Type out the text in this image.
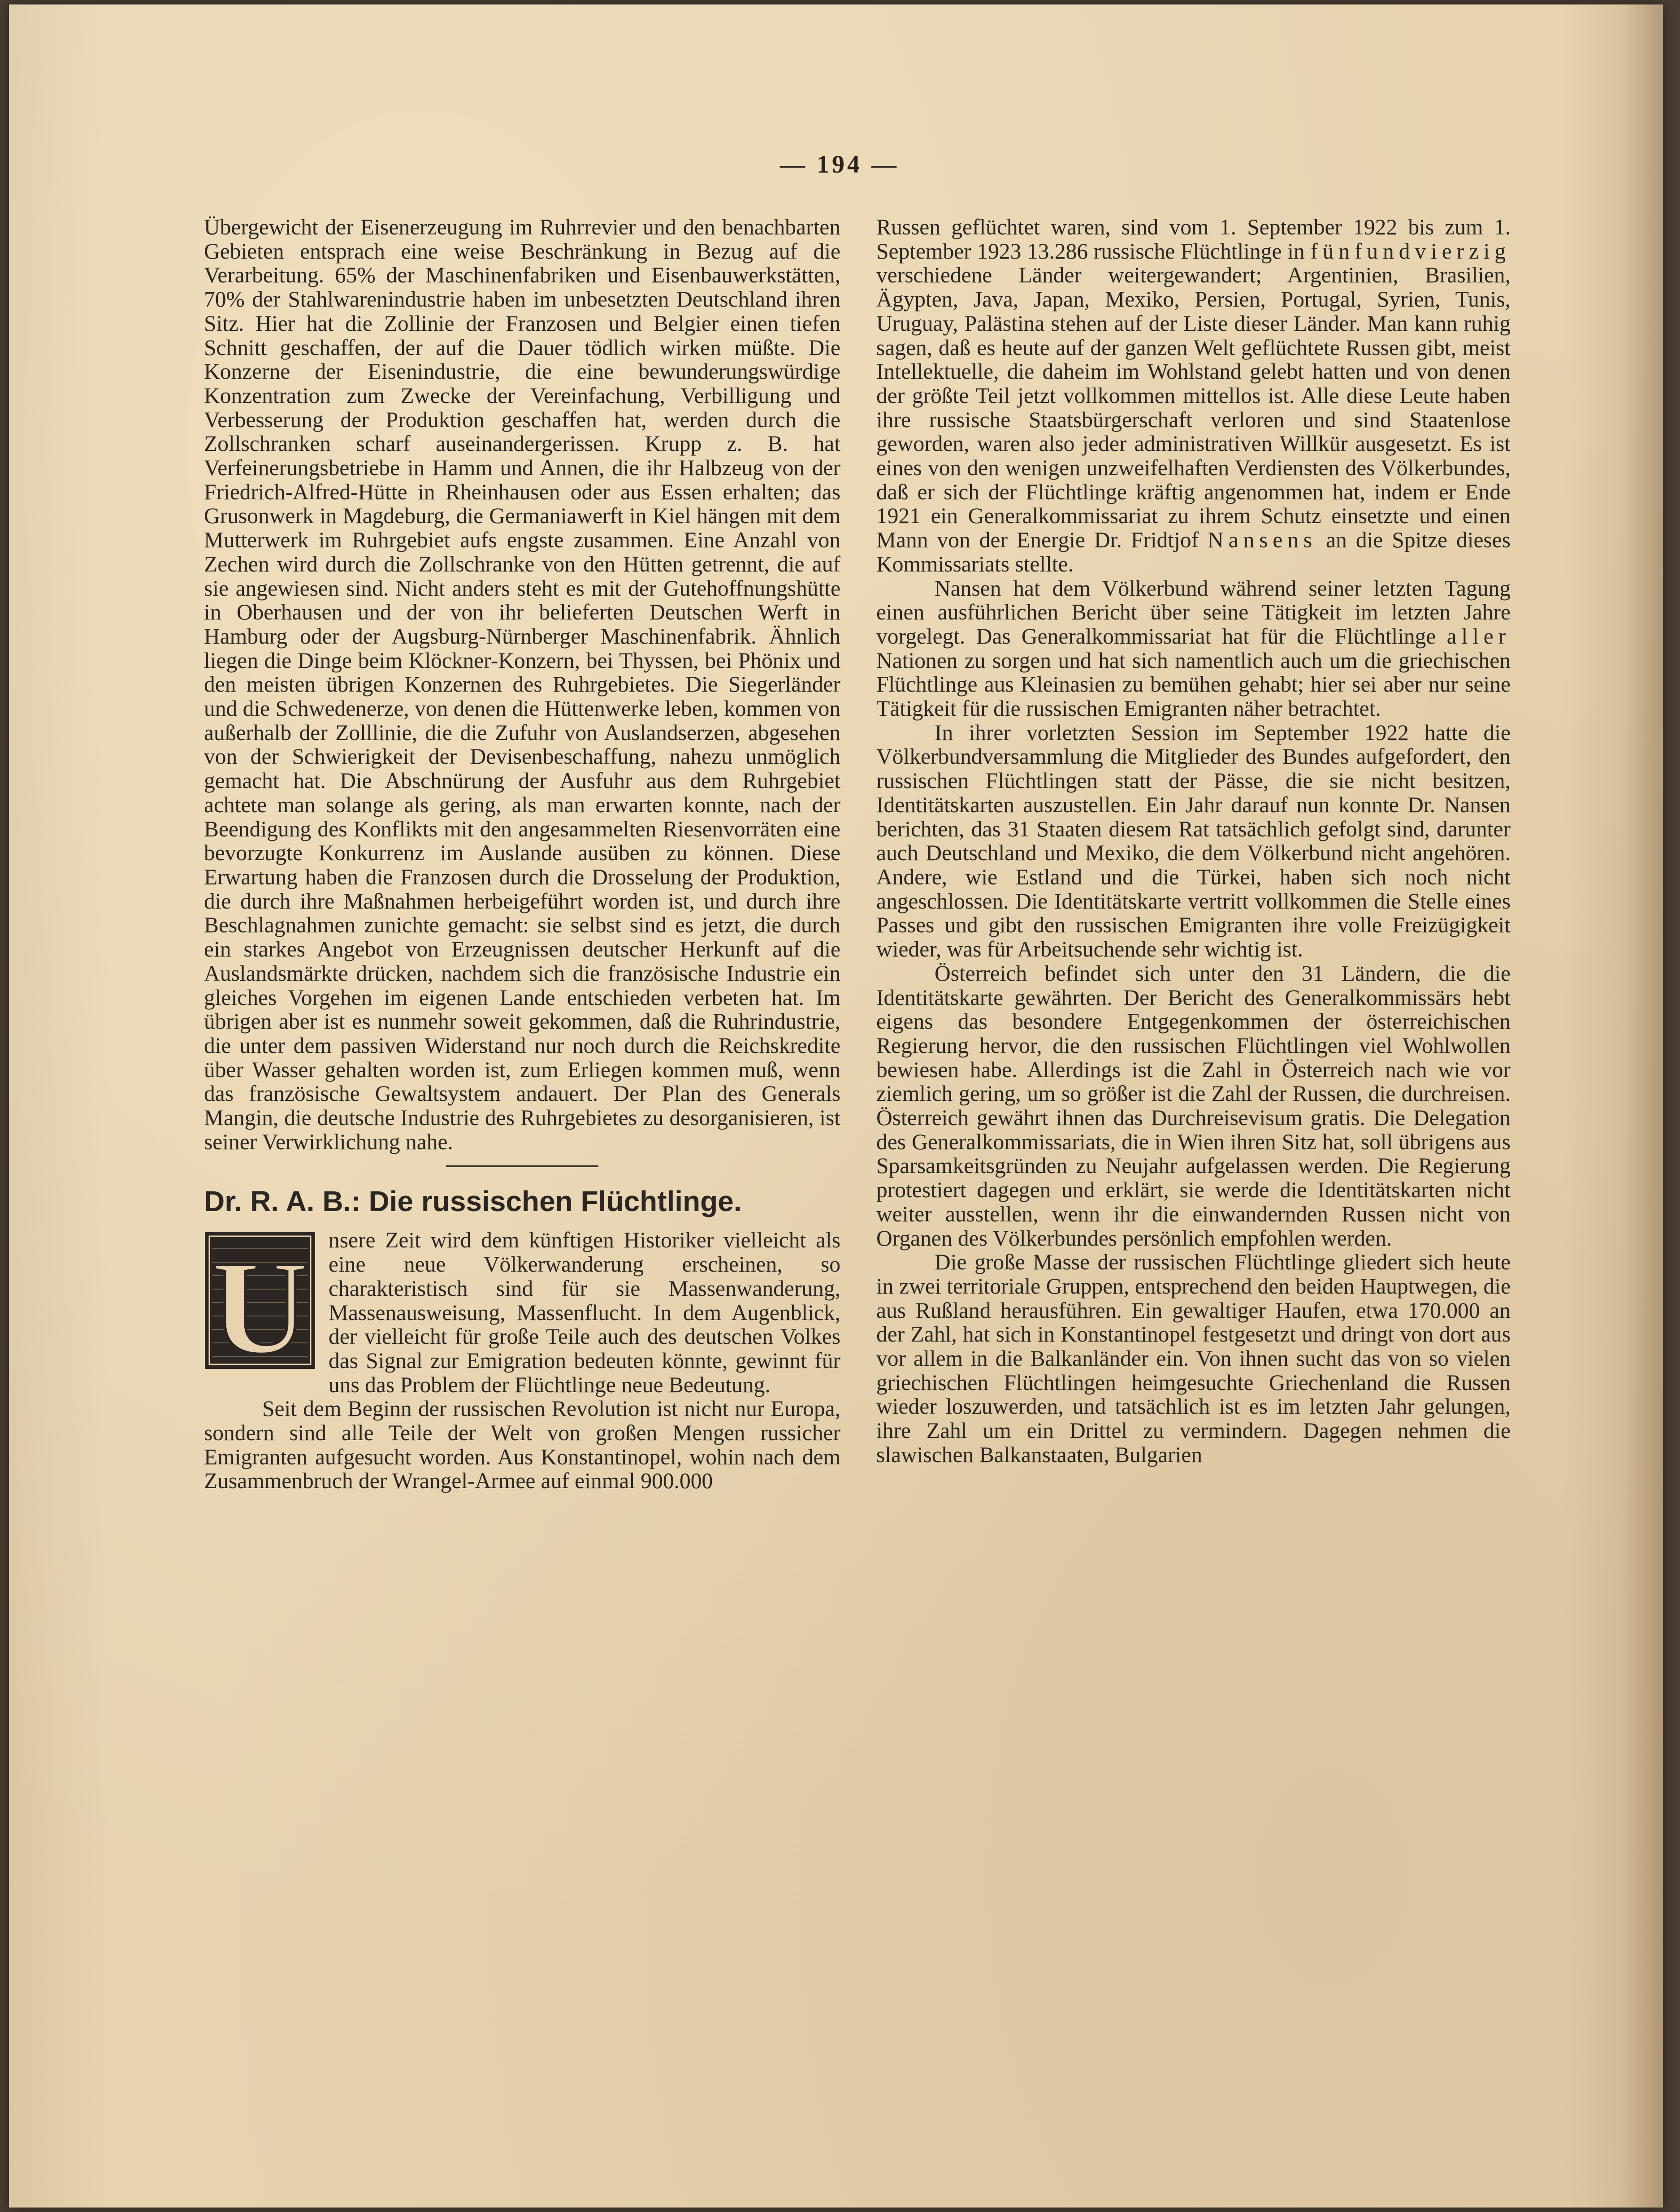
— 194 —

Übergewicht der Eisenerzeugung im Ruhrrevier und den benachbarten Gebieten entsprach eine weise Beschränkung in Bezug auf die Verarbeitung. 65% der Maschinenfabriken und Eisenbauwerkstätten, 70% der Stahlwarenindustrie haben im unbesetzten Deutschland ihren Sitz. Hier hat die Zollinie der Franzosen und Belgier einen tiefen Schnitt geschaffen, der auf die Dauer tödlich wirken müßte. Die Konzerne der Eisenindustrie, die eine bewunderungswürdige Konzentration zum Zwecke der Vereinfachung, Verbilligung und Verbesserung der Produktion geschaffen hat, werden durch die Zollschranken scharf auseinandergerissen. Krupp z. B. hat Verfeinerungsbetriebe in Hamm und Annen, die ihr Halbzeug von der Friedrich-Alfred-Hütte in Rheinhausen oder aus Essen erhalten; das Grusonwerk in Magdeburg, die Germaniawerft in Kiel hängen mit dem Mutterwerk im Ruhrgebiet aufs engste zusammen. Eine Anzahl von Zechen wird durch die Zollschranke von den Hütten getrennt, die auf sie angewiesen sind. Nicht anders steht es mit der Gutehoffnungshütte in Oberhausen und der von ihr belieferten Deutschen Werft in Hamburg oder der Augsburg-Nürnberger Maschinenfabrik. Ähnlich liegen die Dinge beim Klöckner-Konzern, bei Thyssen, bei Phönix und den meisten übrigen Konzernen des Ruhrgebietes. Die Siegerländer und die Schwedenerze, von denen die Hüttenwerke leben, kommen von außerhalb der Zolllinie, die die Zufuhr von Auslandserzen, abgesehen von der Schwierigkeit der Devisenbeschaffung, nahezu unmöglich gemacht hat. Die Abschnürung der Ausfuhr aus dem Ruhrgebiet achtete man solange als gering, als man erwarten konnte, nach der Beendigung des Konflikts mit den angesammelten Riesenvorräten eine bevorzugte Konkurrenz im Auslande ausüben zu können. Diese Erwartung haben die Franzosen durch die Drosselung der Produktion, die durch ihre Maßnahmen herbeigeführt worden ist, und durch ihre Beschlagnahmen zunichte gemacht: sie selbst sind es jetzt, die durch ein starkes Angebot von Erzeugnissen deutscher Herkunft auf die Auslandsmärkte drücken, nachdem sich die französische Industrie ein gleiches Vorgehen im eigenen Lande entschieden verbeten hat. Im übrigen aber ist es nunmehr soweit gekommen, daß die Ruhrindustrie, die unter dem passiven Widerstand nur noch durch die Reichskredite über Wasser gehalten worden ist, zum Erliegen kommen muß, wenn das französische Gewaltsystem andauert. Der Plan des Generals Mangin, die deutsche Industrie des Ruhrgebietes zu desorganisieren, ist seiner Verwirklichung nahe.

Dr. R. A. B.: Die russischen Flüchtlinge.

U nsere Zeit wird dem künftigen Historiker vielleicht als eine neue Völkerwanderung erscheinen, so charakteristisch sind für sie Massenwanderung, Massenausweisung, Massenflucht. In dem Augenblick, der vielleicht für große Teile auch des deutschen Volkes das Signal zur Emigration bedeuten könnte, gewinnt für uns das Problem der Flüchtlinge neue Bedeutung.

Seit dem Beginn der russischen Revolution ist nicht nur Europa, sondern sind alle Teile der Welt von großen Mengen russicher Emigranten aufgesucht worden. Aus Konstantinopel, wohin nach dem Zusammenbruch der Wrangel-Armee auf einmal 900.000

Russen geflüchtet waren, sind vom 1. September 1922 bis zum 1. September 1923 13.286 russische Flüchtlinge in fünfundvierzig verschiedene Länder weitergewandert; Argentinien, Brasilien, Ägypten, Java, Japan, Mexiko, Persien, Portugal, Syrien, Tunis, Uruguay, Palästina stehen auf der Liste dieser Länder. Man kann ruhig sagen, daß es heute auf der ganzen Welt geflüchtete Russen gibt, meist Intellektuelle, die daheim im Wohlstand gelebt hatten und von denen der größte Teil jetzt vollkommen mittellos ist. Alle diese Leute haben ihre russische Staatsbürgerschaft verloren und sind Staatenlose geworden, waren also jeder administrativen Willkür ausgesetzt. Es ist eines von den wenigen unzweifelhaften Verdiensten des Völkerbundes, daß er sich der Flüchtlinge kräftig angenommen hat, indem er Ende 1921 ein Generalkommissariat zu ihrem Schutz einsetzte und einen Mann von der Energie Dr. Fridtjof Nansens an die Spitze dieses Kommissariats stellte.

Nansen hat dem Völkerbund während seiner letzten Tagung einen ausführlichen Bericht über seine Tätigkeit im letzten Jahre vorgelegt. Das Generalkommissariat hat für die Flüchtlinge aller Nationen zu sorgen und hat sich namentlich auch um die griechischen Flüchtlinge aus Kleinasien zu bemühen gehabt; hier sei aber nur seine Tätigkeit für die russischen Emigranten näher betrachtet.

In ihrer vorletzten Session im September 1922 hatte die Völkerbundversammlung die Mitglieder des Bundes aufgefordert, den russischen Flüchtlingen statt der Pässe, die sie nicht besitzen, Identitätskarten auszustellen. Ein Jahr darauf nun konnte Dr. Nansen berichten, das 31 Staaten diesem Rat tatsächlich gefolgt sind, darunter auch Deutschland und Mexiko, die dem Völkerbund nicht angehören. Andere, wie Estland und die Türkei, haben sich noch nicht angeschlossen. Die Identitätskarte vertritt vollkommen die Stelle eines Passes und gibt den russischen Emigranten ihre volle Freizügigkeit wieder, was für Arbeitsuchende sehr wichtig ist.

Österreich befindet sich unter den 31 Ländern, die die Identitätskarte gewährten. Der Bericht des Generalkommissärs hebt eigens das besondere Entgegenkommen der österreichischen Regierung hervor, die den russischen Flüchtlingen viel Wohlwollen bewiesen habe. Allerdings ist die Zahl in Österreich nach wie vor ziemlich gering, um so größer ist die Zahl der Russen, die durchreisen. Österreich gewährt ihnen das Durchreisevisum gratis. Die Delegation des Generalkommissariats, die in Wien ihren Sitz hat, soll übrigens aus Sparsamkeitsgründen zu Neujahr aufgelassen werden. Die Regierung protestiert dagegen und erklärt, sie werde die Identitätskarten nicht weiter ausstellen, wenn ihr die einwandernden Russen nicht von Organen des Völkerbundes persönlich empfohlen werden.

Die große Masse der russischen Flüchtlinge gliedert sich heute in zwei territoriale Gruppen, entsprechend den beiden Hauptwegen, die aus Rußland herausführen. Ein gewaltiger Haufen, etwa 170.000 an der Zahl, hat sich in Konstantinopel festgesetzt und dringt von dort aus vor allem in die Balkanländer ein. Von ihnen sucht das von so vielen griechischen Flüchtlingen heimgesuchte Griechenland die Russen wieder loszuwerden, und tatsächlich ist es im letzten Jahr gelungen, ihre Zahl um ein Drittel zu vermindern. Dagegen nehmen die slawischen Balkanstaaten, Bulgarien
